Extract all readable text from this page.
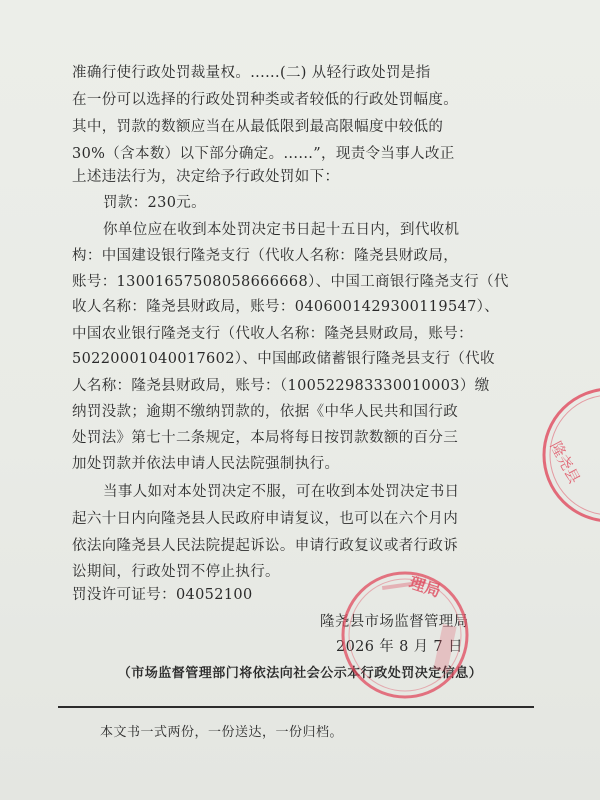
准确行使行政处罚裁量权。......(二) 从轻行政处罚是指
在一份可以选择的行政处罚种类或者较低的行政处罚幅度。
其中，罚款的数额应当在从最低限到最高限幅度中较低的
30%（含本数）以下部分确定。......”，现责令当事人改正
上述违法行为，决定给予行政处罚如下：
罚款：230元。
你单位应在收到本处罚决定书日起十五日内，到代收机
构：中国建设银行隆尧支行（代收人名称：隆尧县财政局，
账号：13001657508058666668）、中国工商银行隆尧支行（代
收人名称：隆尧县财政局，账号：0406001429300119547）、
中国农业银行隆尧支行（代收人名称：隆尧县财政局，账号：
50220001040017602）、中国邮政储蓄银行隆尧县支行（代收
人名称：隆尧县财政局，账号：（100522983330010003）缴
纳罚没款；逾期不缴纳罚款的，依据《中华人民共和国行政
处罚法》第七十二条规定，本局将每日按罚款数额的百分三
加处罚款并依法申请人民法院强制执行。
当事人如对本处罚决定不服，可在收到本处罚决定书日
起六十日内向隆尧县人民政府申请复议，也可以在六个月内
依法向隆尧县人民法院提起诉讼。申请行政复议或者行政诉
讼期间，行政处罚不停止执行。
罚没许可证号：04052100
隆尧县市场监督管理局
2026 年 8 月 7 日
（市场监督管理部门将依法向社会公示本行政处罚决定信息）
本文书一式两份，一份送达，一份归档。
隆尧县
理局
